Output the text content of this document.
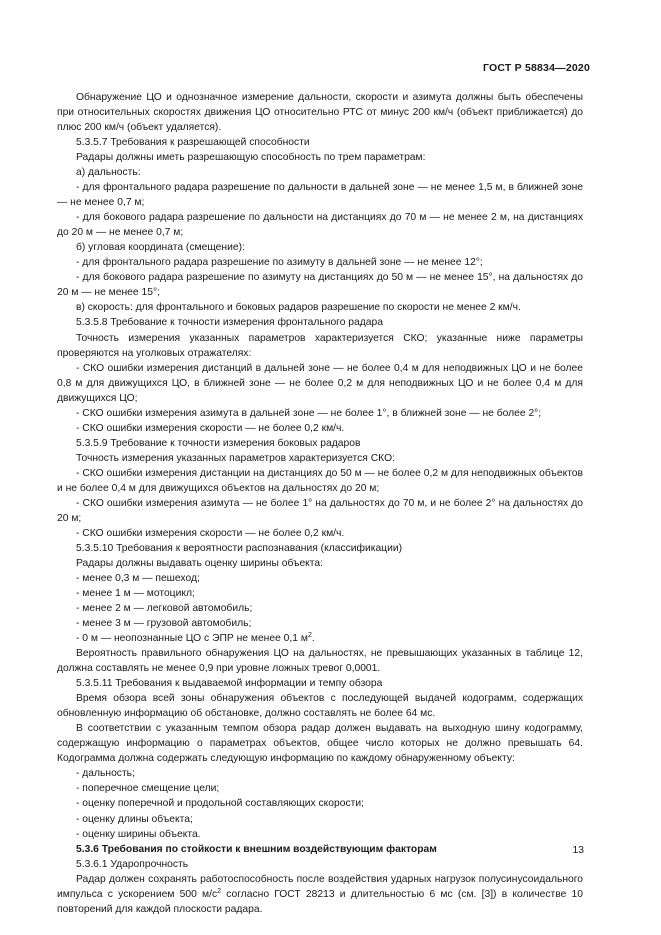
ГОСТ Р 58834—2020

Обнаружение ЦО и однозначное измерение дальности, скорости и азимута должны быть обеспечены при относительных скоростях движения ЦО относительно РТС от минус 200 км/ч (объект приближается) до плюс 200 км/ч (объект удаляется).

5.3.5.7 Требования к разрешающей способности

Радары должны иметь разрешающую способность по трем параметрам:

а) дальность:

- для фронтального радара разрешение по дальности в дальней зоне — не менее 1,5 м, в ближней зоне — не менее 0,7 м;

- для бокового радара разрешение по дальности на дистанциях до 70 м — не менее 2 м, на дистанциях до 20 м — не менее 0,7 м;

б) угловая координата (смещение):

- для фронтального радара разрешение по азимуту в дальней зоне — не менее 12°;

- для бокового радара разрешение по азимуту на дистанциях до 50 м — не менее 15°, на дальностях до 20 м — не менее 15°;

в) скорость: для фронтального и боковых радаров разрешение по скорости не менее 2 км/ч.

5.3.5.8 Требование к точности измерения фронтального радара

Точность измерения указанных параметров характеризуется СКО; указанные ниже параметры проверяются на уголковых отражателях:

- СКО ошибки измерения дистанций в дальней зоне — не более 0,4 м для неподвижных ЦО и не более 0,8 м для движущихся ЦО, в ближней зоне — не более 0,2 м для неподвижных ЦО и не более 0,4 м для движущихся ЦО;

- СКО ошибки измерения азимута в дальней зоне — не более 1°, в ближней зоне — не более 2°;

- СКО ошибки измерения скорости — не более 0,2 км/ч.

5.3.5.9 Требование к точности измерения боковых радаров

Точность измерения указанных параметров характеризуется СКО:

- СКО ошибки измерения дистанции на дистанциях до 50 м — не более 0,2 м для неподвижных объектов и не более 0,4 м для движущихся объектов на дальностях до 20 м;

- СКО ошибки измерения азимута — не более 1° на дальностях до 70 м, и не более 2° на дальностях до 20 м;

- СКО ошибки измерения скорости — не более 0,2 км/ч.

5.3.5.10 Требования к вероятности распознавания (классификации)

Радары должны выдавать оценку ширины объекта:

- менее 0,3 м — пешеход;

- менее 1 м — мотоцикл;

- менее 2 м — легковой автомобиль;

- менее 3 м — грузовой автомобиль;

- 0 м — неопознанные ЦО с ЭПР не менее 0,1 $м^2$.

Вероятность правильного обнаружения ЦО на дальностях, не превышающих указанных в таблице 12, должна составлять не менее 0,9 при уровне ложных тревог 0,0001.

5.3.5.11 Требования к выдаваемой информации и темпу обзора

Время обзора всей зоны обнаружения объектов с последующей выдачей кодограмм, содержащих обновленную информацию об обстановке, должно составлять не более 64 мс.

В соответствии с указанным темпом обзора радар должен выдавать на выходную шину кодограмму, содержащую информацию о параметрах объектов, общее число которых не должно превышать 64. Кодограмма должна содержать следующую информацию по каждому обнаруженному объекту:

- дальность;

- поперечное смещение цели;

- оценку поперечной и продольной составляющих скорости;

- оценку длины объекта;

- оценку ширины объекта.

5.3.6 Требования по стойкости к внешним воздействующим факторам

5.3.6.1 Ударопрочность

Радар должен сохранять работоспособность после воздействия ударных нагрузок полусинусоидального импульса с ускорением 500 $м/с^2$ согласно ГОСТ 28213 и длительностью 6 мс (см. [3]) в количестве 10 повторений для каждой плоскости радара.

13
